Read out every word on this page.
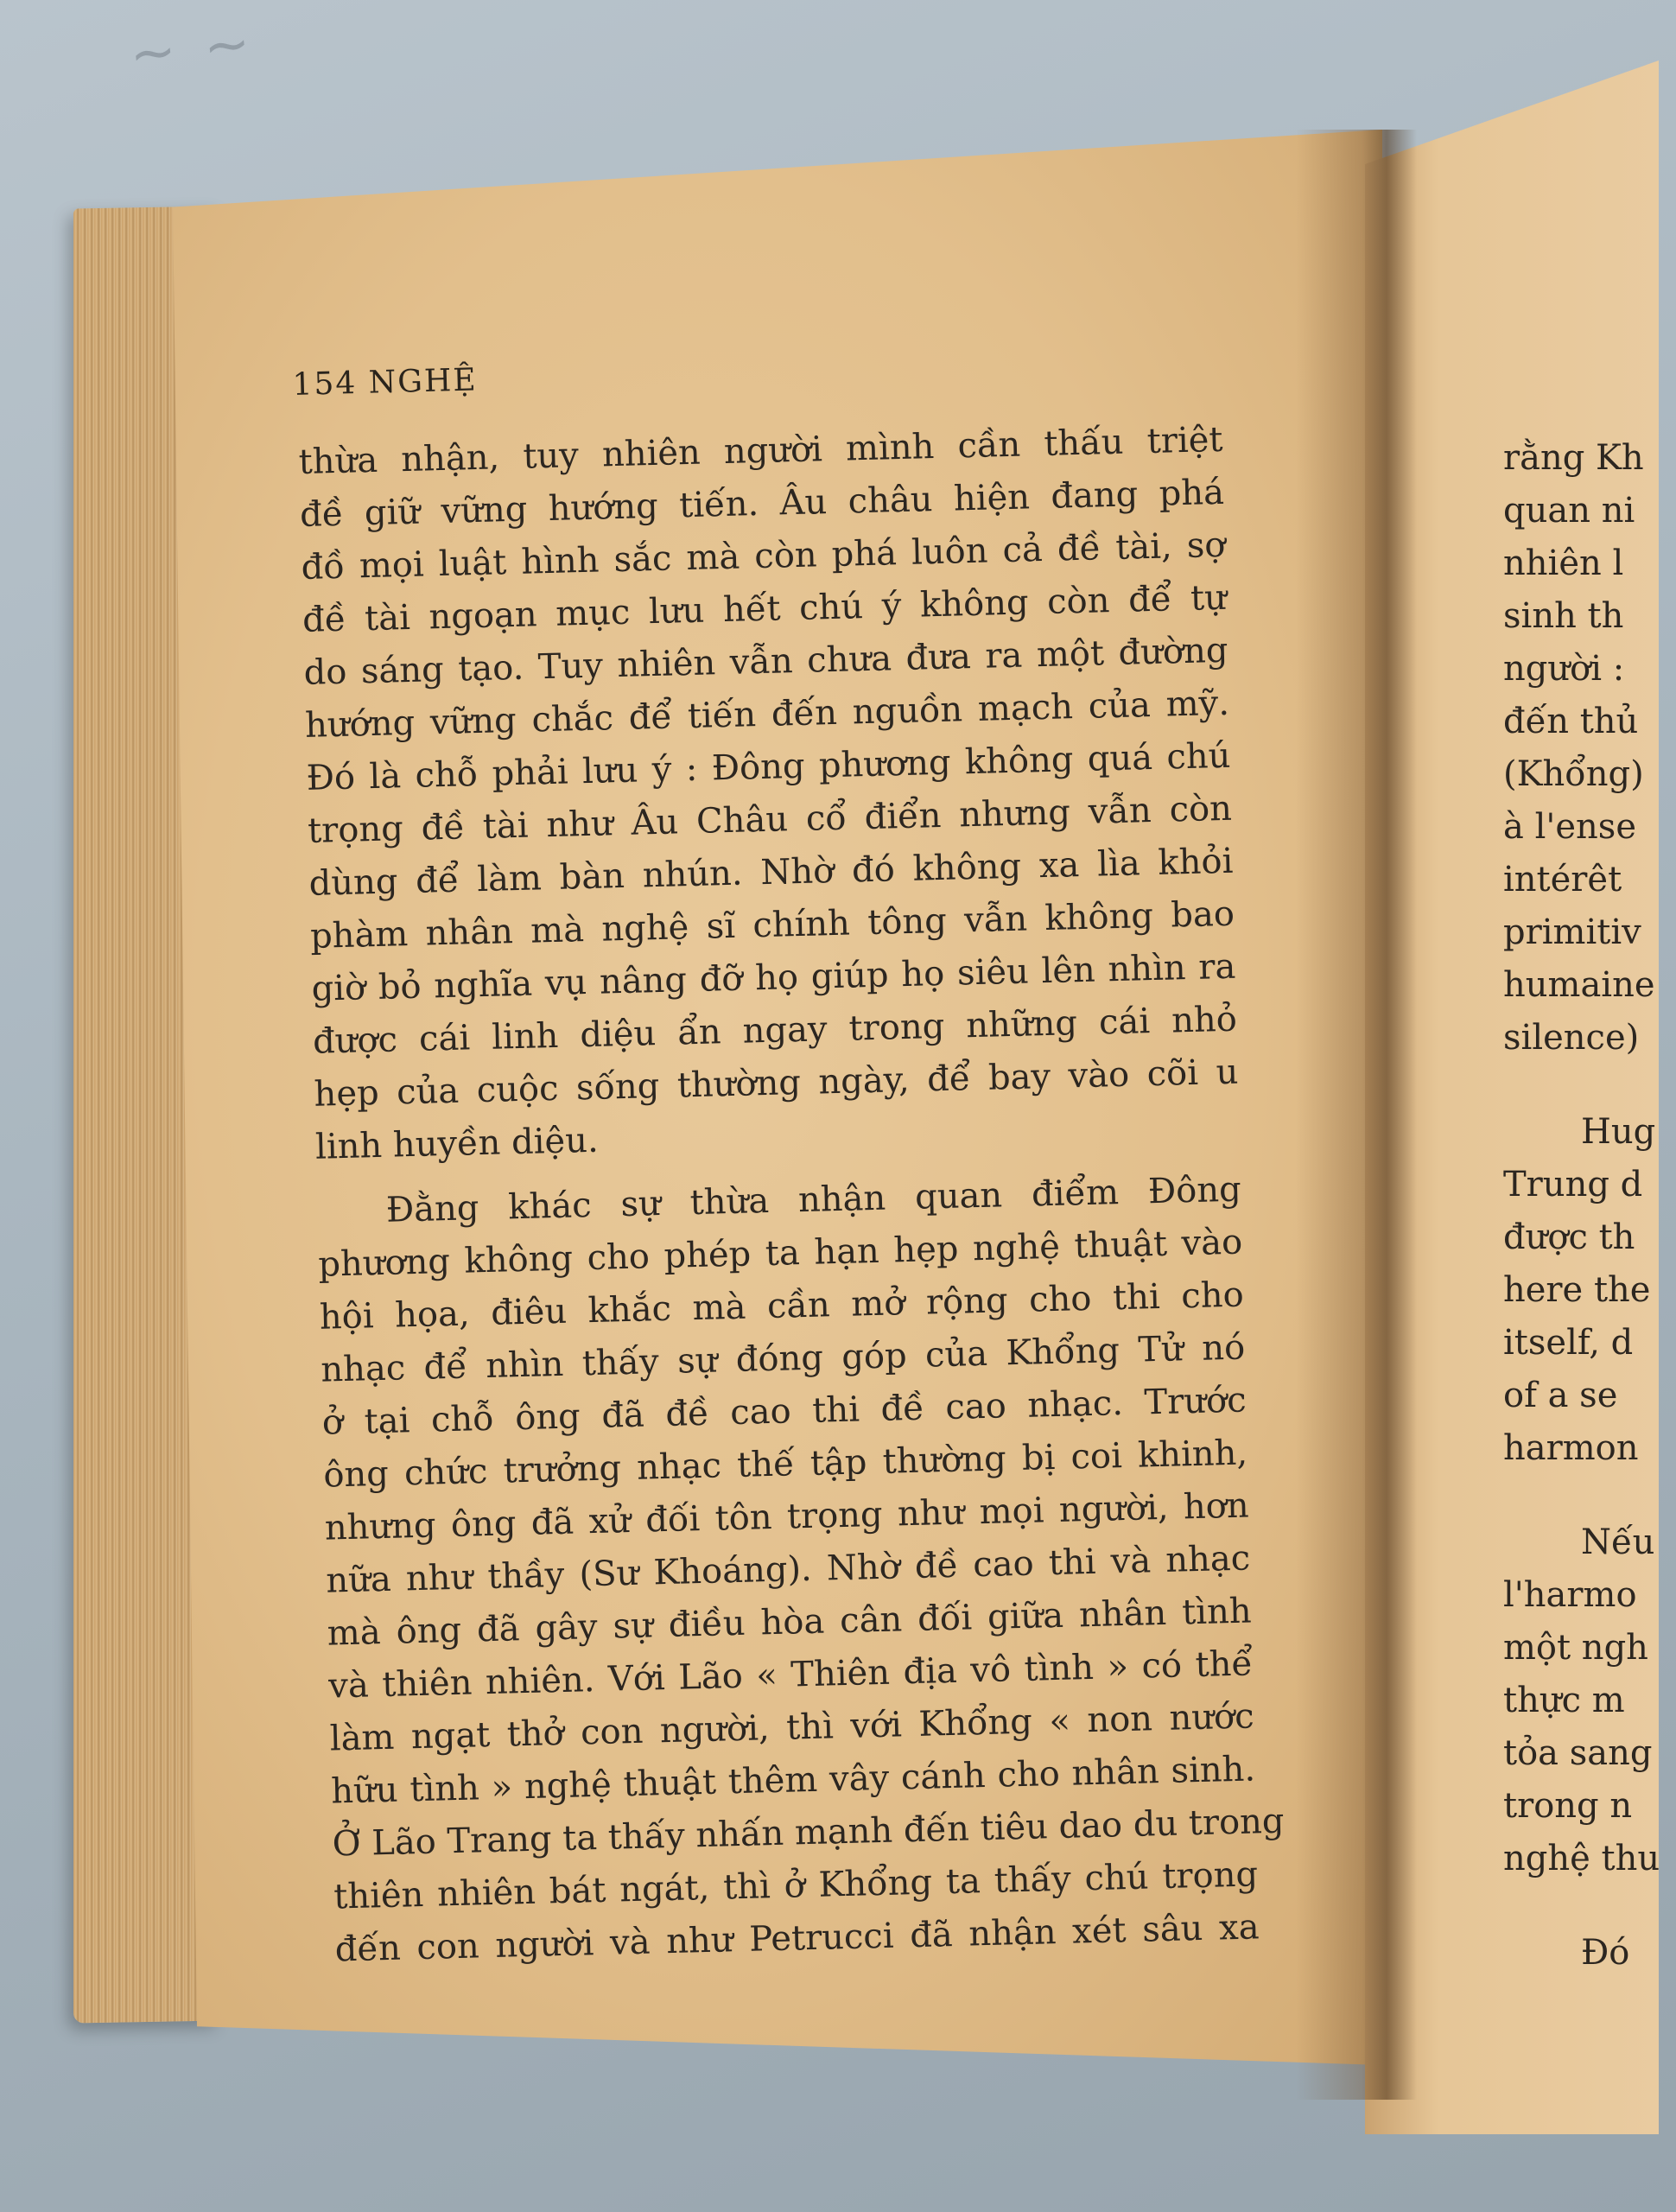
~ ~
154 NGHỆ
thừa nhận, tuy nhiên người mình cần thấu triệt
đề giữ vững hướng tiến. Âu châu hiện đang phá
đồ mọi luật hình sắc mà còn phá luôn cả đề tài, sợ
đề tài ngoạn mục lưu hết chú ý không còn để tự
do sáng tạo. Tuy nhiên vẫn chưa đưa ra một đường
hướng vững chắc để tiến đến nguồn mạch của mỹ.
Đó là chỗ phải lưu ý : Đông phương không quá chú
trọng đề tài như Âu Châu cổ điển nhưng vẫn còn
dùng để làm bàn nhún. Nhờ đó không xa lìa khỏi
phàm nhân mà nghệ sĩ chính tông vẫn không bao
giờ bỏ nghĩa vụ nâng đỡ họ giúp họ siêu lên nhìn ra
được cái linh diệu ẩn ngay trong những cái nhỏ
hẹp của cuộc sống thường ngày, để bay vào cõi u
linh huyền diệu.
Đằng khác sự thừa nhận quan điểm Đông
phương không cho phép ta hạn hẹp nghệ thuật vào
hội họa, điêu khắc mà cần mở rộng cho thi cho
nhạc để nhìn thấy sự đóng góp của Khổng Tử nó
ở tại chỗ ông đã đề cao thi đề cao nhạc. Trước
ông chức trưởng nhạc thế tập thường bị coi khinh,
nhưng ông đã xử đối tôn trọng như mọi người, hơn
nữa như thầy (Sư Khoáng). Nhờ đề cao thi và nhạc
mà ông đã gây sự điều hòa cân đối giữa nhân tình
và thiên nhiên. Với Lão « Thiên địa vô tình » có thể
làm ngạt thở con người, thì với Khổng « non nước
hữu tình » nghệ thuật thêm vây cánh cho nhân sinh.
Ở Lão Trang ta thấy nhấn mạnh đến tiêu dao du trong
thiên nhiên bát ngát, thì ở Khổng ta thấy chú trọng
đến con người và như Petrucci đã nhận xét sâu xa
rằng Kh
quan ni
nhiên l
sinh th
người :
đến thủ
(Khổng)
à l'ense
intérêt
primitiv
humaine
silence)
Hug
Trung d
được th
here the
itself, d
of a se
harmon
Nếu
l'harmo
một ngh
thực m
tỏa sang
trong n
nghệ thu
Đó
